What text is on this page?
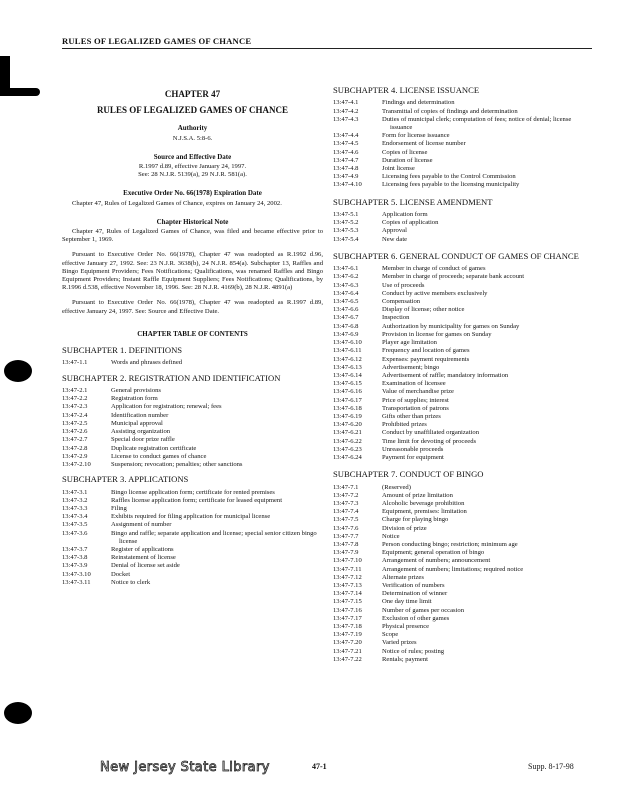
RULES OF LEGALIZED GAMES OF CHANCE
CHAPTER 47
RULES OF LEGALIZED GAMES OF CHANCE
Authority
N.J.S.A. 5:8-6.
Source and Effective Date
R.1997 d.89, effective January 24, 1997.
See: 28 N.J.R. 5139(a), 29 N.J.R. 581(a).
Executive Order No. 66(1978) Expiration Date
Chapter 47, Rules of Legalized Games of Chance, expires on January 24, 2002.
Chapter Historical Note
Chapter 47, Rules of Legalized Games of Chance, was filed and became effective prior to September 1, 1969.
Pursuant to Executive Order No. 66(1978), Chapter 47 was readopted as R.1992 d.96, effective January 27, 1992. See: 23 N.J.R. 3638(b), 24 N.J.R. 854(a). Subchapter 13, Raffles and Bingo Equipment Providers; Fees Notifications; Qualifications, was renamed Raffles and Bingo Equipment Providers; Instant Raffle Equipment Suppliers; Fees Notifications; Qualifications, by R.1996 d.538, effective November 18, 1996. See: 28 N.J.R. 4169(b), 28 N.J.R. 4891(a)
Pursuant to Executive Order No. 66(1978), Chapter 47 was readopted as R.1997 d.89, effective January 24, 1997. See: Source and Effective Date.
CHAPTER TABLE OF CONTENTS
SUBCHAPTER 1. DEFINITIONS
13:47-1.1	Words and phrases defined
SUBCHAPTER 2. REGISTRATION AND IDENTIFICATION
13:47-2.1	General provisions
13:47-2.2	Registration form
13:47-2.3	Application for registration; renewal; fees
13:47-2.4	Identification number
13:47-2.5	Municipal approval
13:47-2.6	Assisting organization
13:47-2.7	Special door prize raffle
13:47-2.8	Duplicate registration certificate
13:47-2.9	License to conduct games of chance
13:47-2.10	Suspension; revocation; penalties; other sanctions
SUBCHAPTER 3. APPLICATIONS
13:47-3.1	Bingo license application form; certificate for rented premises
13:47-3.2	Raffles license application form; certificate for leased equipment
13:47-3.3	Filing
13:47-3.4	Exhibits required for filing application for municipal license
13:47-3.5	Assignment of number
13:47-3.6	Bingo and raffle; separate application and license; special senior citizen bingo license
13:47-3.7	Register of applications
13:47-3.8	Reinstatement of license
13:47-3.9	Denial of license set aside
13:47-3.10	Docket
13:47-3.11	Notice to clerk
SUBCHAPTER 4. LICENSE ISSUANCE
13:47-4.1	Findings and determination
13:47-4.2	Transmittal of copies of findings and determination
13:47-4.3	Duties of municipal clerk; computation of fees; notice of denial; license issuance
13:47-4.4	Form for license issuance
13:47-4.5	Endorsement of license number
13:47-4.6	Copies of license
13:47-4.7	Duration of license
13:47-4.8	Joint license
13:47-4.9	Licensing fees payable to the Control Commission
13:47-4.10	Licensing fees payable to the licensing municipality
SUBCHAPTER 5. LICENSE AMENDMENT
13:47-5.1	Application form
13:47-5.2	Copies of application
13:47-5.3	Approval
13:47-5.4	New date
SUBCHAPTER 6. GENERAL CONDUCT OF GAMES OF CHANCE
13:47-6.1	Member in charge of conduct of games
13:47-6.2	Member in charge of proceeds; separate bank account
13:47-6.3	Use of proceeds
13:47-6.4	Conduct by active members exclusively
13:47-6.5	Compensation
13:47-6.6	Display of license; other notice
13:47-6.7	Inspection
13:47-6.8	Authorization by municipality for games on Sunday
13:47-6.9	Provision in license for games on Sunday
13:47-6.10	Player age limitation
13:47-6.11	Frequency and location of games
13:47-6.12	Expenses: payment requirements
13:47-6.13	Advertisement; bingo
13:47-6.14	Advertisement of raffle; mandatory information
13:47-6.15	Examination of licensee
13:47-6.16	Value of merchandise prize
13:47-6.17	Price of supplies; interest
13:47-6.18	Transportation of patrons
13:47-6.19	Gifts other than prizes
13:47-6.20	Prohibited prizes
13:47-6.21	Conduct by unaffiliated organization
13:47-6.22	Time limit for devoting of proceeds
13:47-6.23	Unreasonable proceeds
13:47-6.24	Payment for equipment
SUBCHAPTER 7. CONDUCT OF BINGO
13:47-7.1	(Reserved)
13:47-7.2	Amount of prize limitation
13:47-7.3	Alcoholic beverage prohibition
13:47-7.4	Equipment, premises: limitation
13:47-7.5	Charge for playing bingo
13:47-7.6	Division of prize
13:47-7.7	Notice
13:47-7.8	Person conducting bingo; restriction; minimum age
13:47-7.9	Equipment; general operation of bingo
13:47-7.10	Arrangement of numbers; announcement
13:47-7.11	Arrangement of numbers; limitations; required notice
13:47-7.12	Alternate prizes
13:47-7.13	Verification of numbers
13:47-7.14	Determination of winner
13:47-7.15	One day time limit
13:47-7.16	Number of games per occasion
13:47-7.17	Exclusion of other games
13:47-7.18	Physical presence
13:47-7.19	Scope
13:47-7.20	Varied prizes
13:47-7.21	Notice of rules; posting
13:47-7.22	Rentals; payment
New Jersey State Library	47-1	Supp. 8-17-98
